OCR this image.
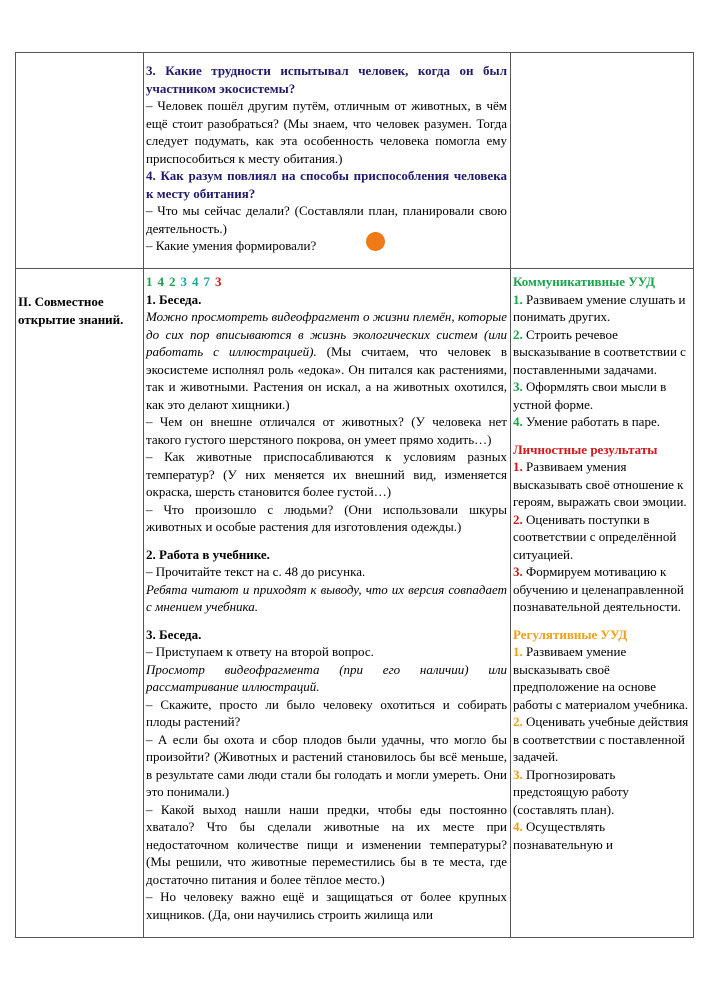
3. Какие трудности испытывал человек, когда он был участником экосистемы?

– Человек пошёл другим путём, отличным от животных, в чём ещё стоит разобраться? (Мы знаем, что человек разумен. Тогда следует подумать, как эта особенность человека помогла ему приспособиться к месту обитания.)

4. Как разум повлиял на способы приспособления человека к месту обитания?

– Что мы сейчас делали? (Составляли план, планировали свою деятельность.)

– Какие умения формировали?

II. Совместное открытие знаний.

1 4 2 3 4 7 3

1. Беседа.

Можно просмотреть видеофрагмент о жизни племён, которые до сих пор вписываются в жизнь экологических систем (или работать с иллюстрацией). (Мы считаем, что человек в экосистеме исполнял роль «едока». Он питался как растениями, так и животными. Растения он искал, а на животных охотился, как это делают хищники.)

– Чем он внешне отличался от животных? (У человека нет такого густого шерстяного покрова, он умеет прямо ходить…)

– Как животные приспосабливаются к условиям разных температур? (У них меняется их внешний вид, изменяется окраска, шерсть становится более густой…)

– Что произошло с людьми? (Они использовали шкуры животных и особые растения для изготовления одежды.)

2. Работа в учебнике.

– Прочитайте текст на с. 48 до рисунка.

Ребята читают и приходят к выводу, что их версия совпадает с мнением учебника.

3. Беседа.

– Приступаем к ответу на второй вопрос.

Просмотр видеофрагмента (при его наличии) или рассматривание иллюстраций.

– Скажите, просто ли было человеку охотиться и собирать плоды растений?

– А если бы охота и сбор плодов были удачны, что могло бы произойти? (Животных и растений становилось бы всё меньше, в результате сами люди стали бы голодать и могли умереть. Они это понимали.)

– Какой выход нашли наши предки, чтобы еды постоянно хватало? Что бы сделали животные на их месте при недостаточном количестве пищи и изменении температуры? (Мы решили, что животные переместились бы в те места, где достаточно питания и более тёплое место.)

– Но человеку важно ещё и защищаться от более крупных хищников. (Да, они научились строить жилища или

Коммуникативные УУД

1. Развиваем умение слушать и понимать других.

2. Строить речевое высказывание в соответствии с поставленными задачами.

3. Оформлять свои мысли в устной форме.

4. Умение работать в паре.

Личностные результаты

1. Развиваем умения высказывать своё отношение к героям, выражать свои эмоции.

2. Оценивать поступки в соответствии с определённой ситуацией.

3. Формируем мотивацию к обучению и целенаправленной познавательной деятельности.

Регулятивные УУД

1. Развиваем умение высказывать своё предположение на основе работы с материалом учебника.

2. Оценивать учебные действия в соответствии с поставленной задачей.

3. Прогнозировать предстоящую работу (составлять план).

4. Осуществлять познавательную и
